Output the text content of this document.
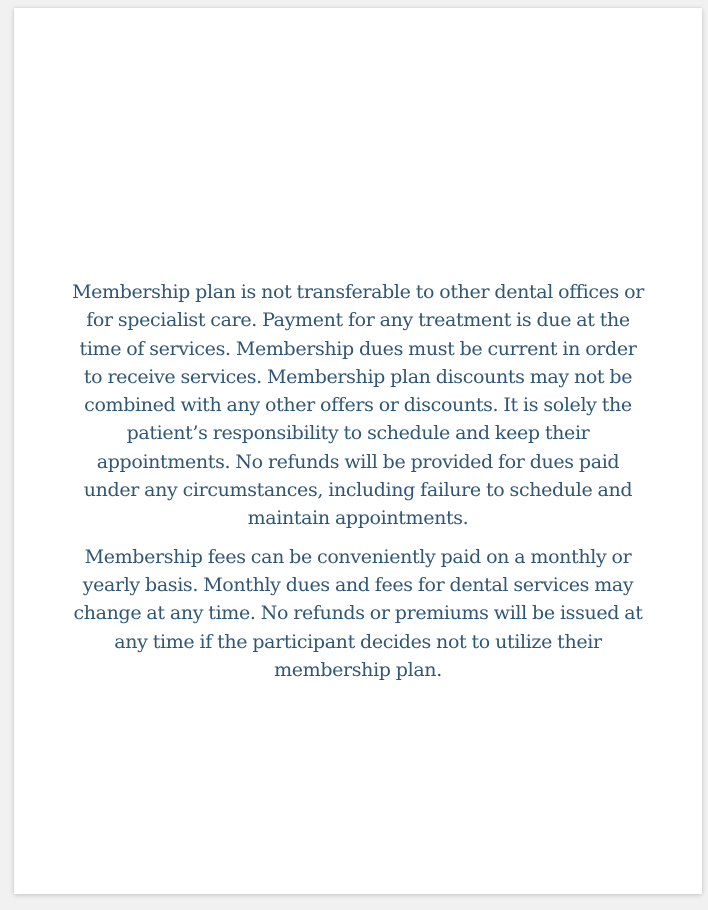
Membership plan is not transferable to other dental offices or for specialist care. Payment for any treatment is due at the time of services. Membership dues must be current in order to receive services. Membership plan discounts may not be combined with any other offers or discounts. It is solely the patient’s responsibility to schedule and keep their appointments. No refunds will be provided for dues paid under any circumstances, including failure to schedule and maintain appointments.

Membership fees can be conveniently paid on a monthly or yearly basis. Monthly dues and fees for dental services may change at any time. No refunds or premiums will be issued at any time if the participant decides not to utilize their membership plan.
